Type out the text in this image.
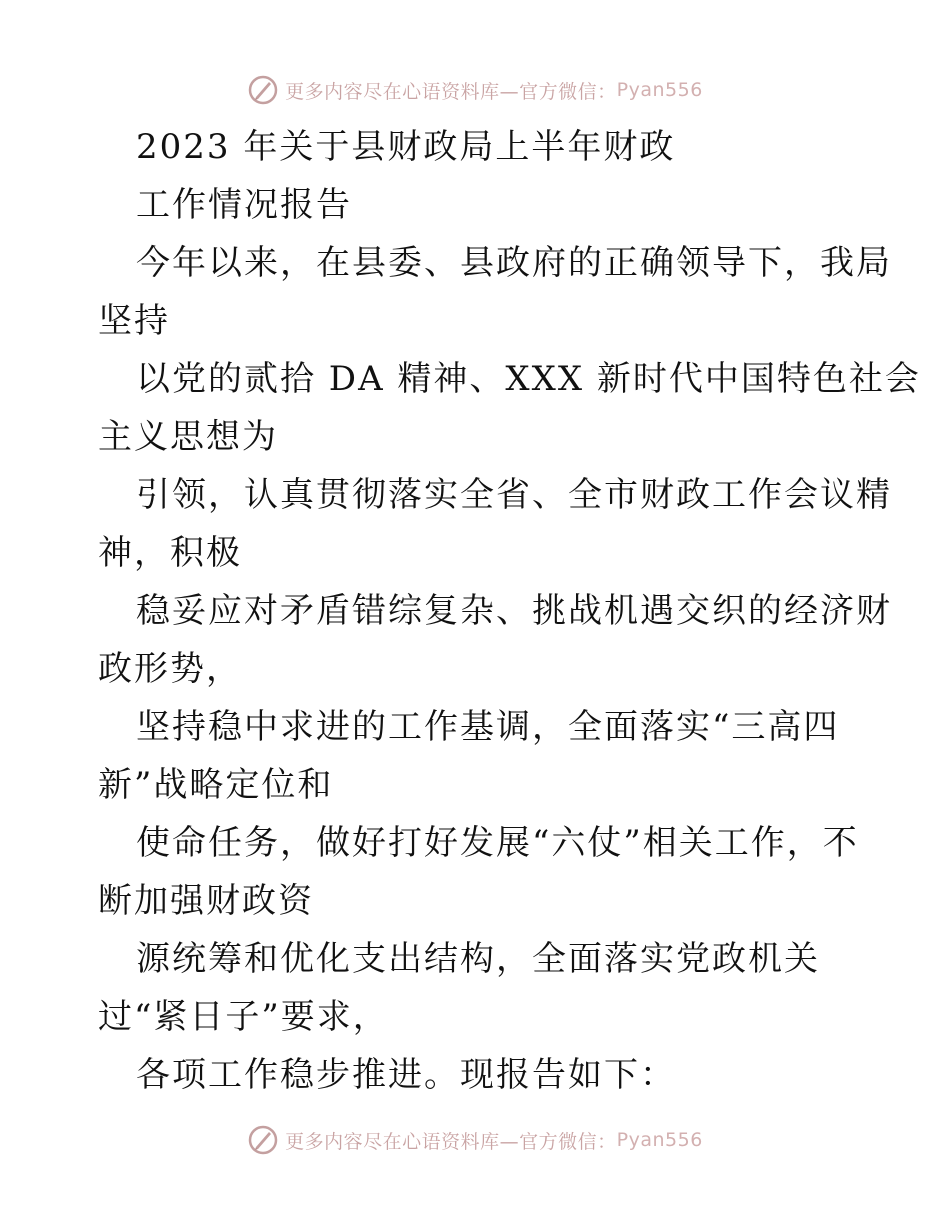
更多内容尽在心语资料库—官方微信： Pyan556
2023 年关于县财政局上半年财政
工作情况报告
今年以来，在县委、县政府的正确领导下，我局
坚持
以党的贰拾 DA 精神、XXX 新时代中国特色社会
主义思想为
引领，认真贯彻落实全省、全市财政工作会议精
神，积极
稳妥应对矛盾错综复杂、挑战机遇交织的经济财
政形势，
坚持稳中求进的工作基调，全面落实“三高四
新”战略定位和
使命任务，做好打好发展“六仗”相关工作，不
断加强财政资
源统筹和优化支出结构，全面落实党政机关
过“紧日子”要求，
各项工作稳步推进。现报告如下：
更多内容尽在心语资料库—官方微信： Pyan556
